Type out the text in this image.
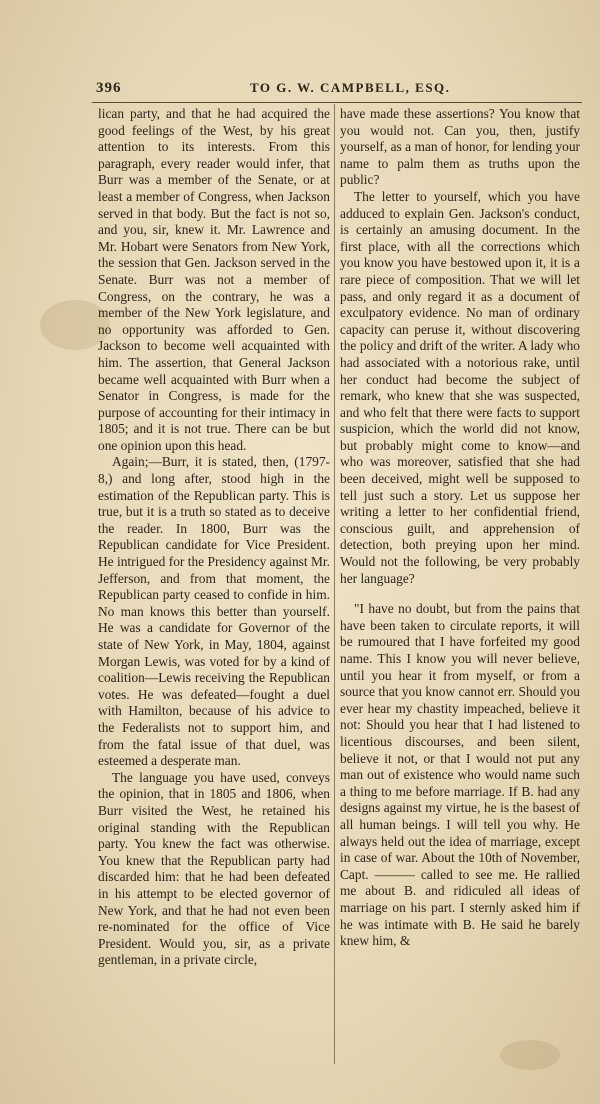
396	TO G. W. CAMPBELL, ESQ.

lican party, and that he had acquired the good feelings of the West, by his great attention to its interests. From this paragraph, every reader would infer, that Burr was a member of the Senate, or at least a member of Congress, when Jackson served in that body. But the fact is not so, and you, sir, knew it. Mr. Lawrence and Mr. Hobart were Senators from New York, the session that Gen. Jackson served in the Senate. Burr was not a member of Congress, on the contrary, he was a member of the New York legislature, and no opportunity was afforded to Gen. Jackson to become well acquainted with him. The assertion, that General Jackson became well acquainted with Burr when a Senator in Congress, is made for the purpose of accounting for their intimacy in 1805; and it is not true. There can be but one opinion upon this head.

Again;—Burr, it is stated, then, (1797-8,) and long after, stood high in the estimation of the Republican party. This is true, but it is a truth so stated as to deceive the reader. In 1800, Burr was the Republican candidate for Vice President. He intrigued for the Presidency against Mr. Jefferson, and from that moment, the Republican party ceased to confide in him. No man knows this better than yourself. He was a candidate for Governor of the state of New York, in May, 1804, against Morgan Lewis, was voted for by a kind of coalition—Lewis receiving the Republican votes. He was defeated—fought a duel with Hamilton, because of his advice to the Federalists not to support him, and from the fatal issue of that duel, was esteemed a desperate man.

The language you have used, conveys the opinion, that in 1805 and 1806, when Burr visited the West, he retained his original standing with the Republican party. You knew the fact was otherwise. You knew that the Republican party had discarded him: that he had been defeated in his attempt to be elected governor of New York, and that he had not even been re-nominated for the office of Vice President. Would you, sir, as a private gentleman, in a private circle,

have made these assertions? You know that you would not. Can you, then, justify yourself, as a man of honor, for lending your name to palm them as truths upon the public?

The letter to yourself, which you have adduced to explain Gen. Jackson's conduct, is certainly an amusing document. In the first place, with all the corrections which you know you have bestowed upon it, it is a rare piece of composition. That we will let pass, and only regard it as a document of exculpatory evidence. No man of ordinary capacity can peruse it, without discovering the policy and drift of the writer. A lady who had associated with a notorious rake, until her conduct had become the subject of remark, who knew that she was suspected, and who felt that there were facts to support suspicion, which the world did not know, but probably might come to know—and who was moreover, satisfied that she had been deceived, might well be supposed to tell just such a story. Let us suppose her writing a letter to her confidential friend, conscious guilt, and apprehension of detection, both preying upon her mind. Would not the following, be very probably her language?

"I have no doubt, but from the pains that have been taken to circulate reports, it will be rumoured that I have forfeited my good name. This I know you will never believe, until you hear it from myself, or from a source that you know cannot err. Should you ever hear my chastity impeached, believe it not: Should you hear that I had listened to licentious discourses, and been silent, believe it not, or that I would not put any man out of existence who would name such a thing to me before marriage. If B. had any designs against my virtue, he is the basest of all human beings. I will tell you why. He always held out the idea of marriage, except in case of war. About the 10th of November, Capt. ——— called to see me. He rallied me about B. and ridiculed all ideas of marriage on his part. I sternly asked him if he was intimate with B. He said he barely knew him, &
